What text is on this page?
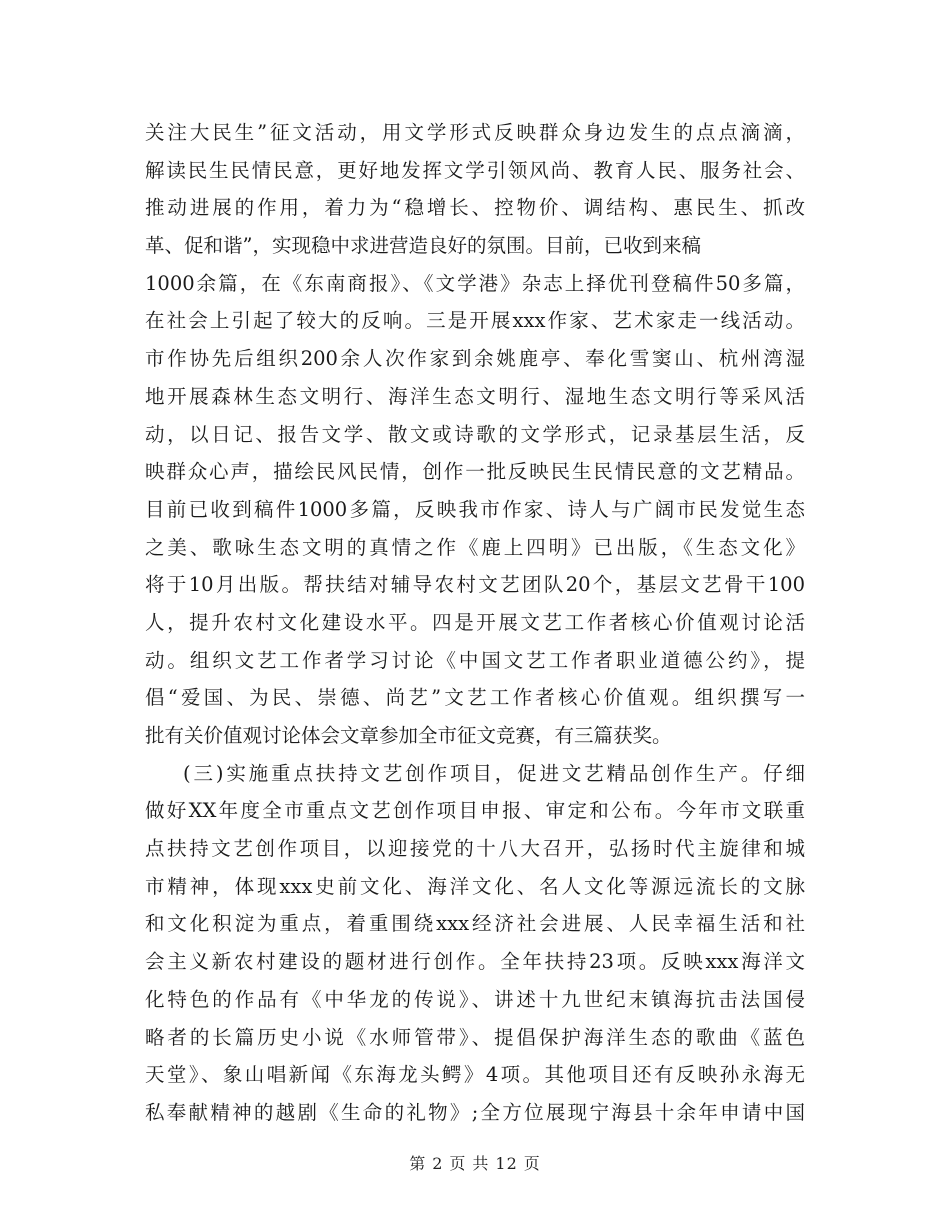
关注大民生”征文活动，用文学形式反映群众身边发生的点点滴滴，
解读民生民情民意，更好地发挥文学引领风尚、教育人民、服务社会、
推动进展的作用，着力为“稳增长、控物价、调结构、惠民生、抓改
革、促和谐”，实现稳中求进营造良好的氛围。目前，已收到来稿
1000余篇，在《东南商报》、《文学港》杂志上择优刊登稿件50多篇，
在社会上引起了较大的反响。三是开展xxx作家、艺术家走一线活动。
市作协先后组织200余人次作家到余姚鹿亭、奉化雪窦山、杭州湾湿
地开展森林生态文明行、海洋生态文明行、湿地生态文明行等采风活
动，以日记、报告文学、散文或诗歌的文学形式，记录基层生活，反
映群众心声，描绘民风民情，创作一批反映民生民情民意的文艺精品。
目前已收到稿件1000多篇，反映我市作家、诗人与广阔市民发觉生态
之美、歌咏生态文明的真情之作《鹿上四明》已出版，《生态文化》
将于10月出版。帮扶结对辅导农村文艺团队20个，基层文艺骨干100
人，提升农村文化建设水平。四是开展文艺工作者核心价值观讨论活
动。组织文艺工作者学习讨论《中国文艺工作者职业道德公约》，提
倡“爱国、为民、崇德、尚艺”文艺工作者核心价值观。组织撰写一
批有关价值观讨论体会文章参加全市征文竞赛，有三篇获奖。
(三)实施重点扶持文艺创作项目，促进文艺精品创作生产。仔细
做好XX年度全市重点文艺创作项目申报、审定和公布。今年市文联重
点扶持文艺创作项目，以迎接党的十八大召开，弘扬时代主旋律和城
市精神，体现xxx史前文化、海洋文化、名人文化等源远流长的文脉
和文化积淀为重点，着重围绕xxx经济社会进展、人民幸福生活和社
会主义新农村建设的题材进行创作。全年扶持23项。反映xxx海洋文
化特色的作品有《中华龙的传说》、讲述十九世纪末镇海抗击法国侵
略者的长篇历史小说《水师管带》、提倡保护海洋生态的歌曲《蓝色
天堂》、象山唱新闻《东海龙头鳄》4项。其他项目还有反映孙永海无
私奉献精神的越剧《生命的礼物》;全方位展现宁海县十余年申请中国
第 2 页 共 12 页
